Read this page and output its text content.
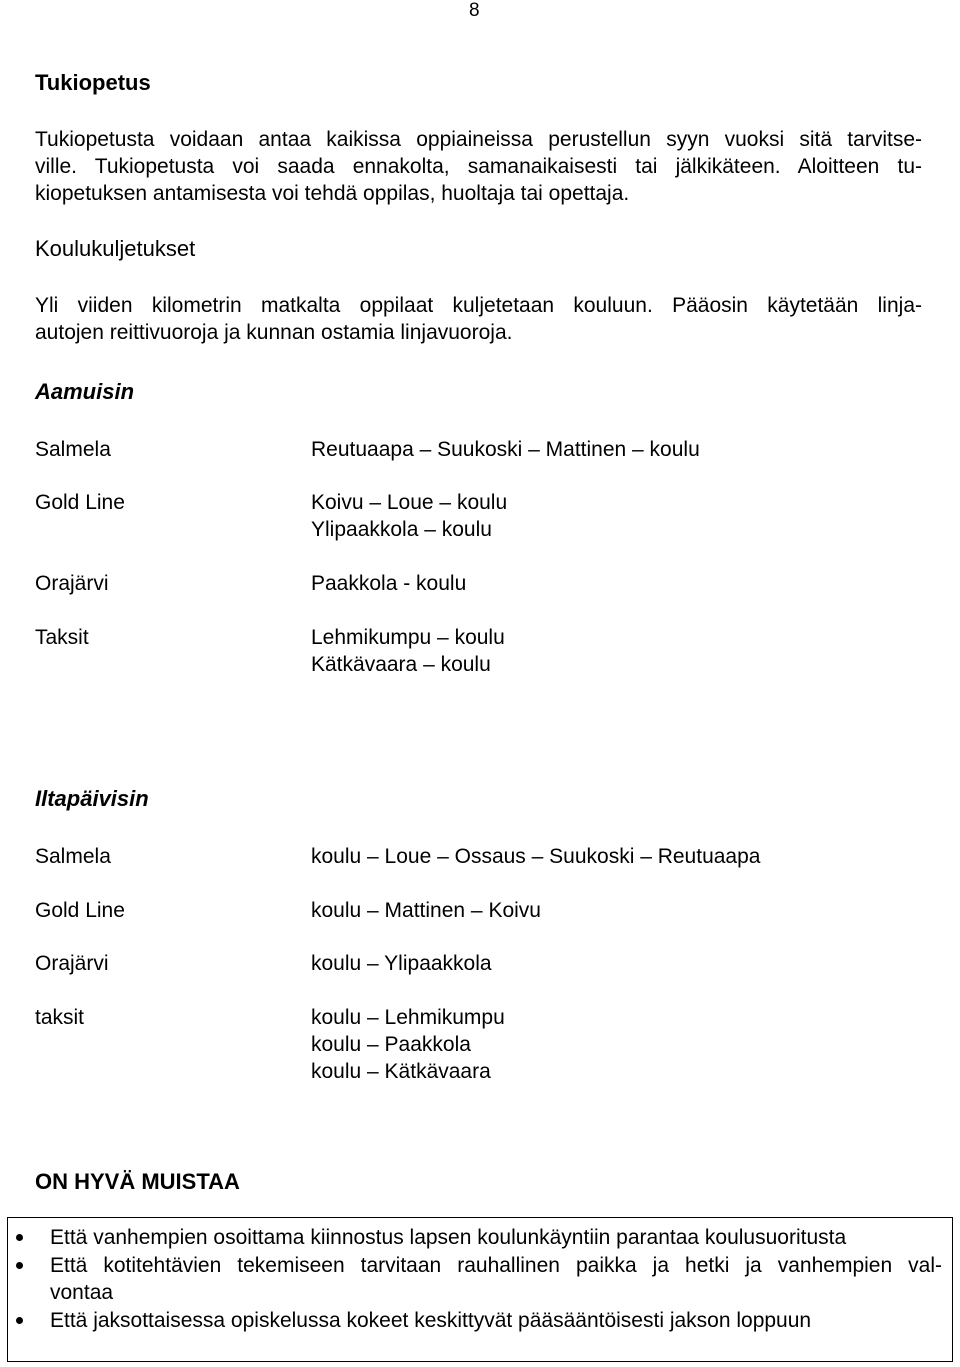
8
Tukiopetus
Tukiopetusta voidaan antaa kaikissa oppiaineissa perustellun syyn vuoksi sitä tarvitse-
ville. Tukiopetusta voi saada ennakolta, samanaikaisesti tai jälkikäteen. Aloitteen tu-
kiopetuksen antamisesta voi tehdä oppilas, huoltaja tai opettaja.
Koulukuljetukset
Yli viiden kilometrin matkalta oppilaat kuljetetaan kouluun. Pääosin käytetään linja-
autojen reittivuoroja ja kunnan ostamia linjavuoroja.
Aamuisin
Salmela	Reutuaapa – Suukoski – Mattinen – koulu
Gold Line	Koivu – Loue – koulu
Ylipaakkola – koulu
Orajärvi	Paakkola - koulu
Taksit	Lehmikumpu – koulu
Kätkävaara – koulu
Iltapäivisin
Salmela	koulu – Loue – Ossaus – Suukoski – Reutuaapa
Gold Line	koulu – Mattinen – Koivu
Orajärvi	koulu – Ylipaakkola
taksit	koulu – Lehmikumpu
koulu – Paakkola
koulu – Kätkävaara
ON HYVÄ MUISTAA
Että vanhempien osoittama kiinnostus lapsen koulunkäyntiin parantaa koulusuoritusta
Että kotitehtävien tekemiseen tarvitaan rauhallinen paikka ja hetki ja vanhempien val-
vontaa
Että jaksottaisessa opiskelussa kokeet keskittyvät pääsääntöisesti jakson loppuun
